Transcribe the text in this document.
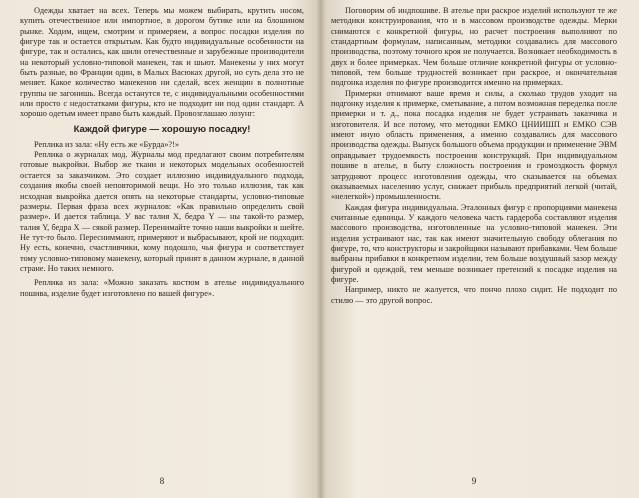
Одежды хватает на всех. Теперь мы можем выбирать, крутить носом, купить отечественное или импортное, в дорогом бутике или на блошином рынке. Ходим, ищем, смотрим и примеряем, а вопрос посадки изделия по фигуре так и остается открытым. Как будто индивидуальные особенности на фигуре, так и остались, как шили отечественные и зарубежные производители на некоторый условно-типовой манекен, так и шьют. Манекены у них могут быть разные, во Франции один, в Малых Васюках другой, но суть дела это не меняет. Какое количество манекенов ни сделай, всех женщин в полнотные группы не загонишь. Всегда останутся те, с индивидуальными особенностями или просто с недостатками фигуры, кто не подходит ни под один стандарт. А хорошо одетым имеет право быть каждый. Провозглашаю лозунг:

Каждой фигуре — хорошую посадку!

Реплика из зала: «Ну есть же «Бурда»?!»

Реплика о журналах мод. Журналы мод предлагают своим потребителям готовые выкройки. Выбор же ткани и некоторых модельных особенностей остается за заказчиком. Это создает иллюзию индивидуального подхода, создания якобы своей неповторимой вещи. Но это только иллюзия, так как исходная выкройка дается опять на некоторые стандарты, условно-типовые размеры. Первая фраза всех журналов: «Как правильно определить свой размер». И дается таблица. У вас талия X, бедра Y — ны такой-то размер, талия Y, бедра X — сякой размер. Перенимайте точно наши выкройки и шейте. Не тут-то было. Пересниммают, примеряют и выбрасывают, крой не подходит. Ну есть, конечно, счастливчики, кому подошло, чья фигура и соответствует тому условно-типовому манекену, который принят в данном журнале, в данной стране. Но таких немного.

Реплика из зала: «Можно заказать костюм в ателье индивидуального пошива, изделие будет изготовлено по вашей фигуре».

8

Поговорим об индпошиве. В ателье при раскрое изделий используют те же методики конструирования, что и в массовом производстве одежды. Мерки снимаются с конкретной фигуры, но расчет построения выполняют по стандартным формулам, написанным, методики создавались для массового производства, поэтому точного кроя не получается. Возникает необходимость в двух и более примерках. Чем больше отличие конкретной фигуры от условно-типовой, тем больше трудностей возникает при раскрое, и окончательная подгонка изделия по фигуре производится именно на примерках.

Примерки отнимают ваше время и силы, а сколько трудов уходит на подгонку изделия к примерке, сметывание, а потом возможная переделка после примерки и т. д., пока посадка изделия не будет устраивать заказчика и изготовителя. И все потому, что методики ЕМКО ЦНИИШП и ЕМКО СЭВ имеют иную область применения, а именно создавались для массового производства одежды. Выпуск большого объема продукции и применение ЭВМ оправдывает трудоемкость построения конструкций. При индивидуальном пошиве в ателье, в быту сложность построения и громоздкость формул затрудняют процесс изготовления одежды, что сказывается на объемах оказываемых населению услуг, снижает прибыль предприятий легкой (читай, «нелегкой») промышленности.

Каждая фигура индивидуальна. Эталонных фигур с пропорциями манекена считанные единицы. У каждого человека часть гардероба составляют изделия массового производства, изготовленные на условно-типовой манекен. Эти изделия устраивают нас, так как имеют значительную свободу облегания по фигуре, то, что конструкторы и закройщики называют прибавками. Чем больше выбраны прибавки в конкретном изделии, тем больше воздушный зазор между фигурой и одеждой, тем меньше возникает претензий к посадке изделия на фигуре.

Например, никто не жалуется, что пончо плохо сидит. Не подходит по стилю — это другой вопрос.

9
